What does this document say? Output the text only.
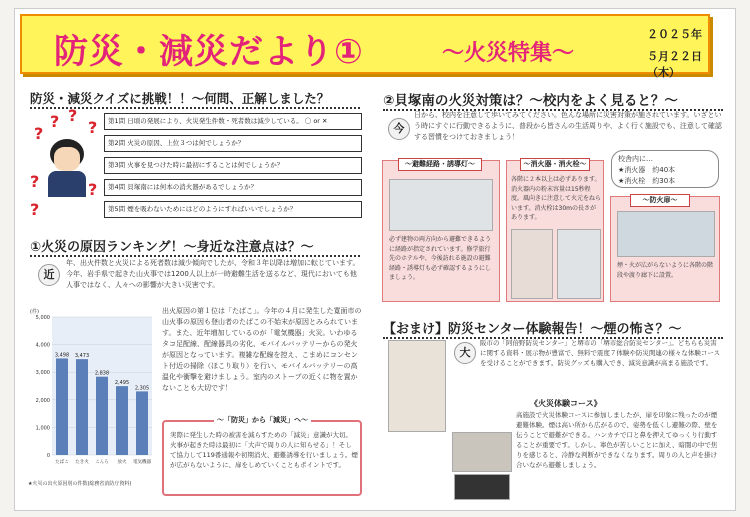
防災・減災だより①	～火災特集～
２０２５年
５月２２日（木）
防災・減災クイズに挑戦！！～何問、正解しました？
?
? ?
?
?
?
?
第1問 日頃の発展により、火災発生件数・死者数は減少している。 〇 or ✕
第2問 火災の原因、上位３つは何でしょうか？
第3問 火事を見つけた時に最初にすることは何でしょうか？
第4問 貝塚南には何本の消火器があるでしょうか？
第5問 煙を吸わないためにはどのようにすればいいでしょうか？
①火災の原因ランキング！～身近な注意点は？～
近
年、出火件数と火災による死者数は減少傾向でしたが、令和３年以降は増加に転じています。今年、岩手県で起きた山火事では1200人以上が一時避難生活を送るなど、現代においても他人事ではなく、人々への影響が大きい災害です。
(件)
5,000
4,000
3,000
2,000
1,000
0
3,498
たばこ
3,473
たき火
2,838
こんろ
2,495
放火
2,305
電気機器
★火災の出火原因別の件数(総務省消防庁資料)
出火原因の第１位は「たばこ」。今年の４月に発生した寛面市の山火事の原因も登山者のたばこの不始末が原因とみられています。また、近年増加しているのが「電気機器」火災。いわゆるタコ足配線、配線器具の劣化、モバイルバッテリーからの発火が原因となっています。複雑な配線を控え、こまめにコンセント付近の掃除（ほこり取り）を行い、モバイルバッテリーの高温化や衝撃を避けましょう。室内のストーブの近くに物を置かないことも大切です！
～「防災」から「減災」へ～
実際に発生した時の被害を減らすための「減災」意識が大切。火事が起きた時は最初に「大声で周りの人に知らせる」！そして協力して119番通報や初期消火、避難誘導を行いましょう。煙が広がらないように、扉をしめていくこともポイントです。
②貝塚南の火災対策は？～校内をよく見ると？～
今
日から、校内を注意して歩いてみてください。色んな場所に災害対策が施されています。いざという時にすぐに行動できるように、普段から皆さんの生活周りや、よく行く施設でも、注意して確認する習慣をつけておきましょう！
校舎内に…
★消火器　約40本
★消火栓　約30本
必ず建物の両方向から避難できるように経路が指定されています。修学旅行先のホテルや、今後訪れる施設の避難経路・誘導灯も必ず確認するようにしましょう。
～避難経路・誘導灯～
各階に２本以上は必ずあります。消火器内の粉末容量は15秒程度。風向きに注意して火元をねらいます。消火栓は30mの長さがあります。
～消火器・消火栓～
煙・火が広がらないように各階の階段や渡り廊下に設置。
～防火扉～
【おまけ】防災センター体験報告！～煙の怖さ？～
大
阪市の「阿倍野防災センター」と堺市の「堺市総合防災センター」。どちらも災害に関する資料・展示物が豊富で、無料で震度７体験や防災関連の様々な体験コースを受けることができます。防災グッズも購入でき、減災意識が高まる施設です。
《火災体験コース》
高施設で火災体験コースに参加しましたが、扉を印象に残ったのが煙避難体験。煙は高い所から広がるので、姿勢を低くし避難の際、壁を伝うことで避難ができる。ハンカチで口と鼻を押えてゆっくり行動することが重要です。しかし、寧色が苦しいことに加え、暗闇の中で焦りを感じると、冷静な判断ができなくなります。周りの人と声を掛け合いながら避難しましょう。
